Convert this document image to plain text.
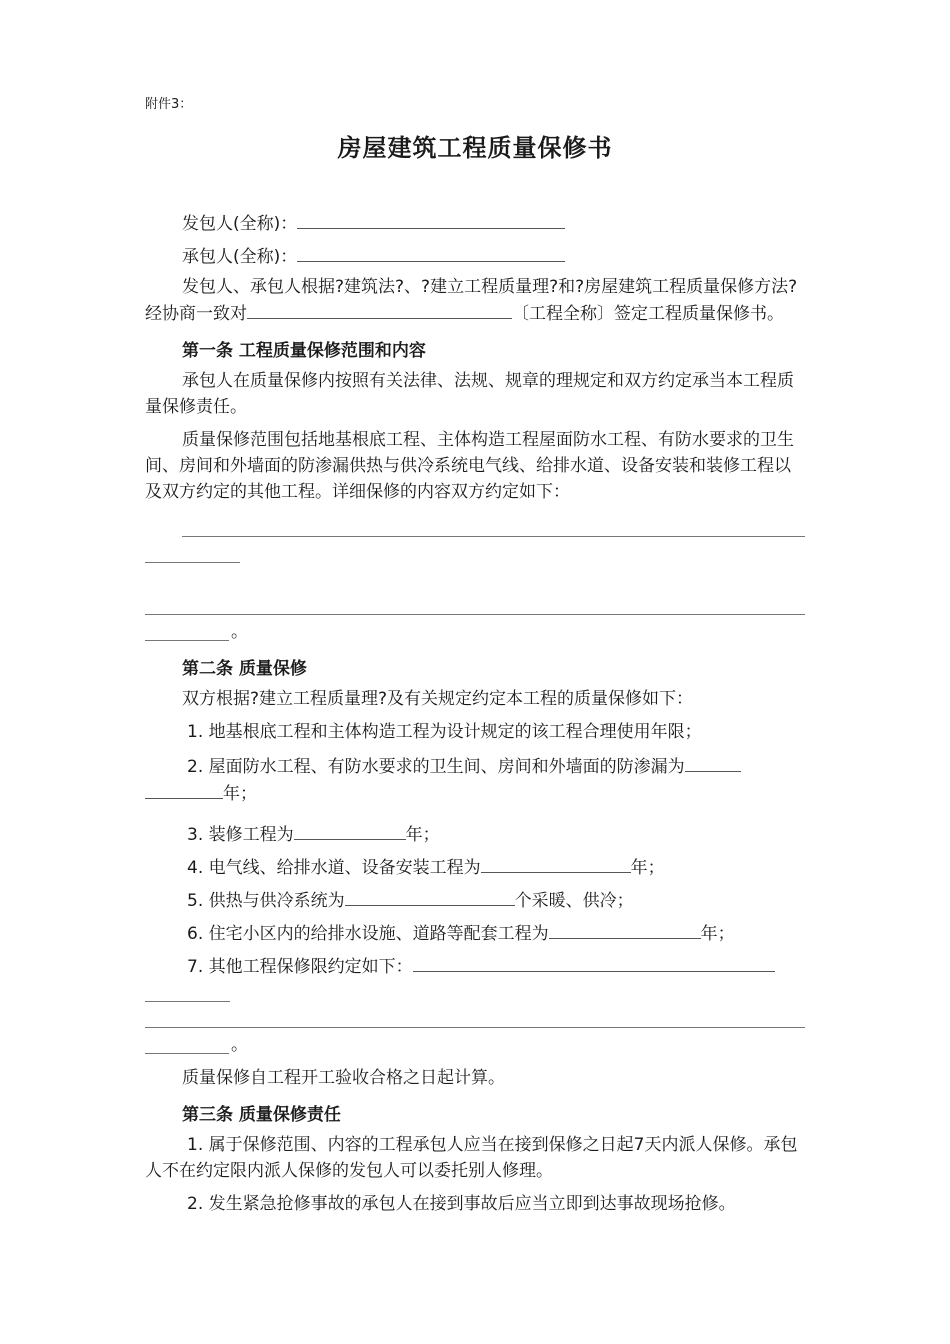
附件3：
房屋建筑工程质量保修书

发包人(全称)：

承包人(全称)：

发包人、承包人根据?建筑法?、?建立工程质量理?和?房屋建筑工程质量保修方法?经协商一致对	〔工程全称〕签定工程质量保修书。

第一条 工程质量保修范围和内容

承包人在质量保修内按照有关法律、法规、规章的理规定和双方约定承当本工程质量保修责任。

质量保修范围包括地基根底工程、主体构造工程屋面防水工程、有防水要求的卫生间、房间和外墙面的防渗漏供热与供冷系统电气线、给排水道、设备安装和装修工程以及双方约定的其他工程。详细保修的内容双方约定如下：

。

第二条 质量保修

双方根据?建立工程质量理?及有关规定约定本工程的质量保修如下：

1. 地基根底工程和主体构造工程为设计规定的该工程合理使用年限；

2. 屋面防水工程、有防水要求的卫生间、房间和外墙面的防渗漏为
年；

3. 装修工程为	年；

4. 电气线、给排水道、设备安装工程为	年；

5. 供热与供冷系统为	个采暖、供冷；

6. 住宅小区内的给排水设施、道路等配套工程为	年；

7. 其他工程保修限约定如下：

。

质量保修自工程开工验收合格之日起计算。

第三条 质量保修责任

1. 属于保修范围、内容的工程承包人应当在接到保修之日起7天内派人保修。承包人不在约定限内派人保修的发包人可以委托别人修理。

2. 发生紧急抢修事故的承包人在接到事故后应当立即到达事故现场抢修。
